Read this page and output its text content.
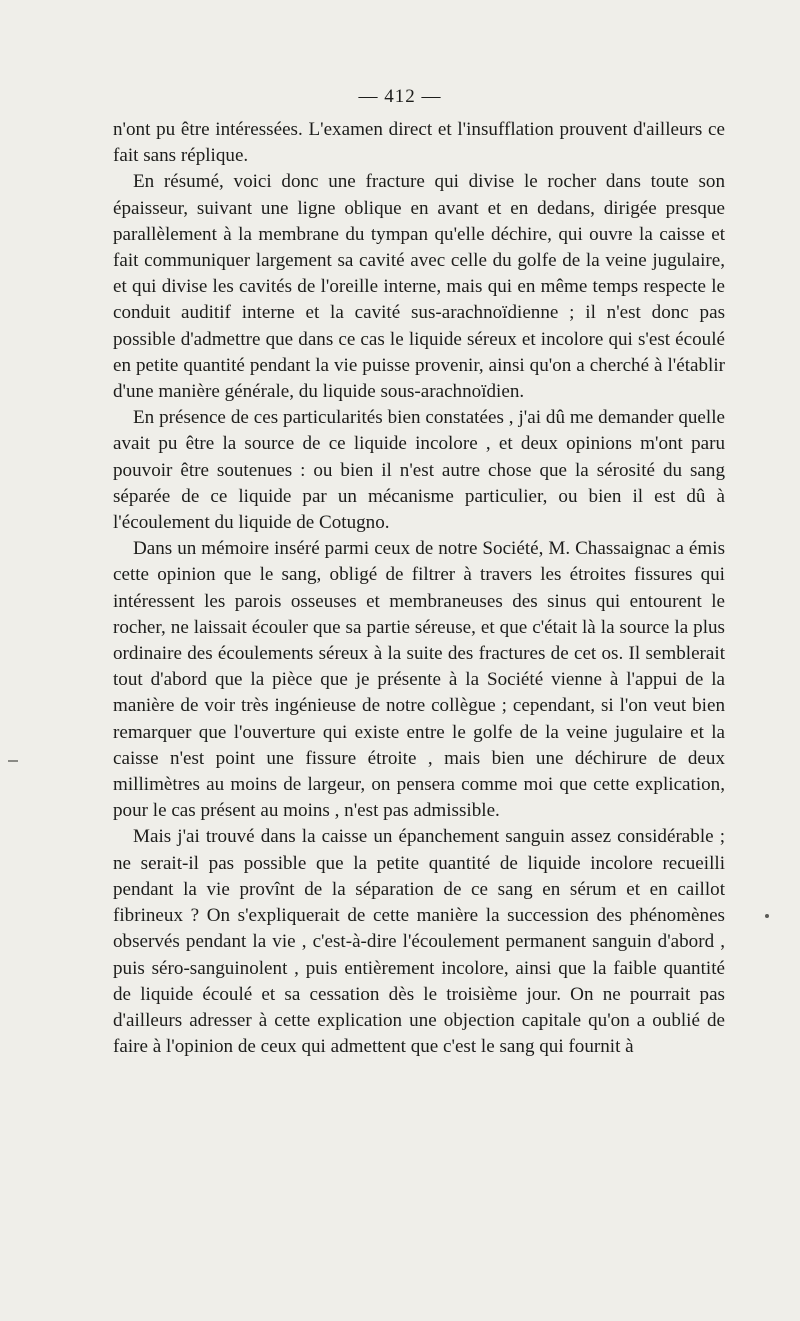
— 412 —

n'ont pu être intéressées. L'examen direct et l'insufflation prouvent d'ailleurs ce fait sans réplique.

En résumé, voici donc une fracture qui divise le rocher dans toute son épaisseur, suivant une ligne oblique en avant et en dedans, dirigée presque parallèlement à la membrane du tympan qu'elle déchire, qui ouvre la caisse et fait communiquer largement sa cavité avec celle du golfe de la veine jugulaire, et qui divise les cavités de l'oreille interne, mais qui en même temps respecte le conduit auditif interne et la cavité sus-arachnoïdienne ; il n'est donc pas possible d'admettre que dans ce cas le liquide séreux et incolore qui s'est écoulé en petite quantité pendant la vie puisse provenir, ainsi qu'on a cherché à l'établir d'une manière générale, du liquide sous-arachnoïdien.

En présence de ces particularités bien constatées , j'ai dû me demander quelle avait pu être la source de ce liquide incolore , et deux opinions m'ont paru pouvoir être soutenues : ou bien il n'est autre chose que la sérosité du sang séparée de ce liquide par un mécanisme particulier, ou bien il est dû à l'écoulement du liquide de Cotugno.

Dans un mémoire inséré parmi ceux de notre Société, M. Chassaignac a émis cette opinion que le sang, obligé de filtrer à travers les étroites fissures qui intéressent les parois osseuses et membraneuses des sinus qui entourent le rocher, ne laissait écouler que sa partie séreuse, et que c'était là la source la plus ordinaire des écoulements séreux à la suite des fractures de cet os. Il semblerait tout d'abord que la pièce que je présente à la Société vienne à l'appui de la manière de voir très ingénieuse de notre collègue ; cependant, si l'on veut bien remarquer que l'ouverture qui existe entre le golfe de la veine jugulaire et la caisse n'est point une fissure étroite , mais bien une déchirure de deux millimètres au moins de largeur, on pensera comme moi que cette explication, pour le cas présent au moins , n'est pas admissible.

Mais j'ai trouvé dans la caisse un épanchement sanguin assez considérable ; ne serait-il pas possible que la petite quantité de liquide incolore recueilli pendant la vie provînt de la séparation de ce sang en sérum et en caillot fibrineux ? On s'expliquerait de cette manière la succession des phénomènes observés pendant la vie , c'est-à-dire l'écoulement permanent sanguin d'abord , puis séro-sanguinolent , puis entièrement incolore, ainsi que la faible quantité de liquide écoulé et sa cessation dès le troisième jour. On ne pourrait pas d'ailleurs adresser à cette explication une objection capitale qu'on a oublié de faire à l'opinion de ceux qui admettent que c'est le sang qui fournit à
